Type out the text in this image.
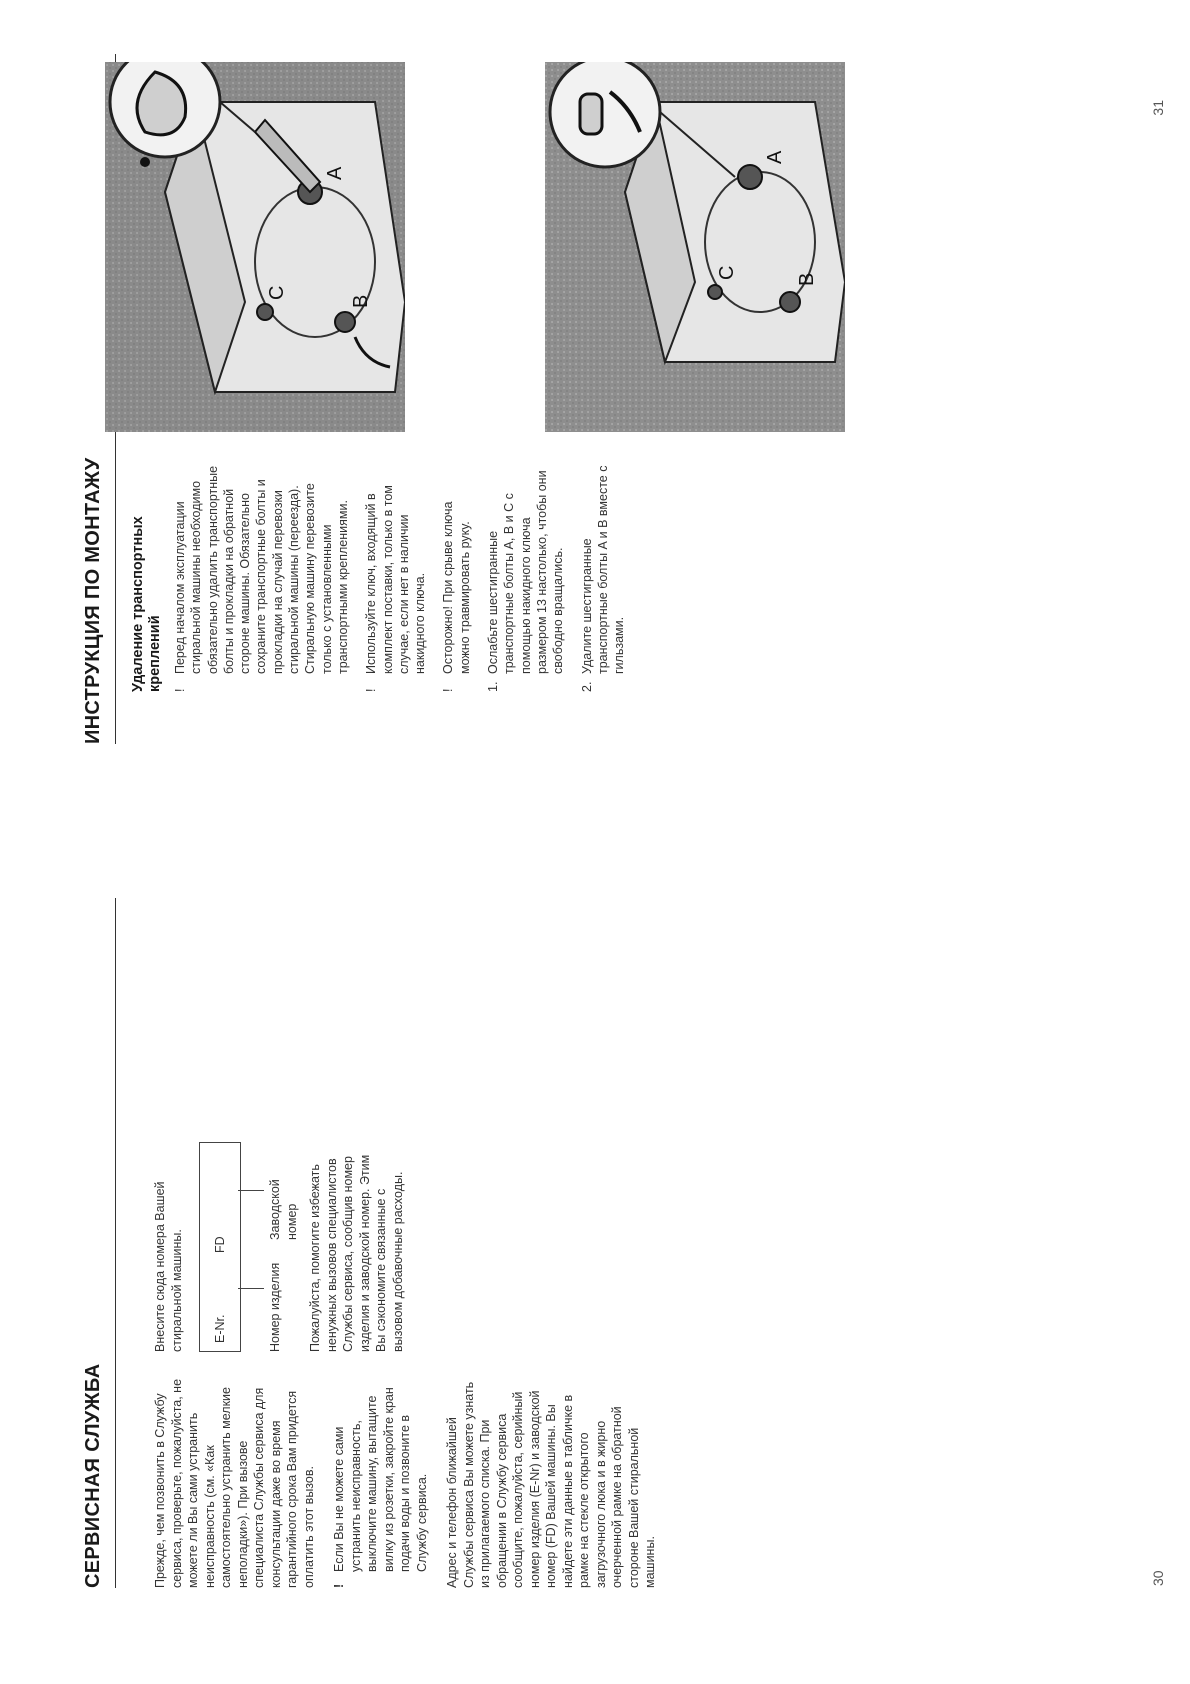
СЕРВИСНАЯ СЛУЖБА	Прежде, чем позвонить в Службу сервиса, проверьте, пожалуйста, не можете ли Вы сами устранить неисправность (см. «Как самостоятельно устранить мелкие неполадки»). При вызове специалиста Службы сервиса для консультации даже во время гарантийного срока Вам придется оплатить этот вызов. !
Если Вы не можете сами устранить неисправность, выключите машину, вытащите вилку из розетки, закройте кран подачи воды и позвоните в Службу сервиса. Адрес и телефон ближайшей Службы сервиса Вы можете узнать из прилагаемого списка. При обращении в Службу сервиса сообщите, пожалуйста, серийный номер изделия (E-Nr) и заводской номер (FD) Вашей машины. Вы найдете эти данные в табличке в рамке на стекле открытого загрузочного люка и в жирно очерченной рамке на обратной стороне Вашей стиральной машины.

Внесите сюда номера Вашей стиральной машины. E-Nr.
FD
Номер изделия
Заводской номер Пожалуйста, помогите избежать ненужных вызовов специалистов Службы сервиса, сообщив номер изделия и заводской номер. Этим Вы сэкономите связанные с вызовом добавочные расходы.

30
ИНСТРУКЦИЯ ПО МОНТАЖУ	Удаление транспортных креплений !
Перед началом эксплуатации стиральной машины необходимо обязательно удалить транспортные болты и прокладки на обратной стороне машины. Обязательно сохраните транспортные болты и прокладки на случай перевозки стиральной машины (переезда). Стиральную машину перевозите только с установленными транспортными креплениями.
!
Используйте ключ, входящий в комплект поставки, только в том случае, если нет в наличии накидного ключа.
!
Осторожно! При срыве ключа можно травмировать руку.
1.
Ослабьте шестигранные транспортные болты A, B и C с помощью накидного ключа размером 13 настолько, чтобы они свободно вращались.
2.
Удалите шестигранные транспортные болты A и B вместе с гильзами.
B
A
C
B
A
C
31
